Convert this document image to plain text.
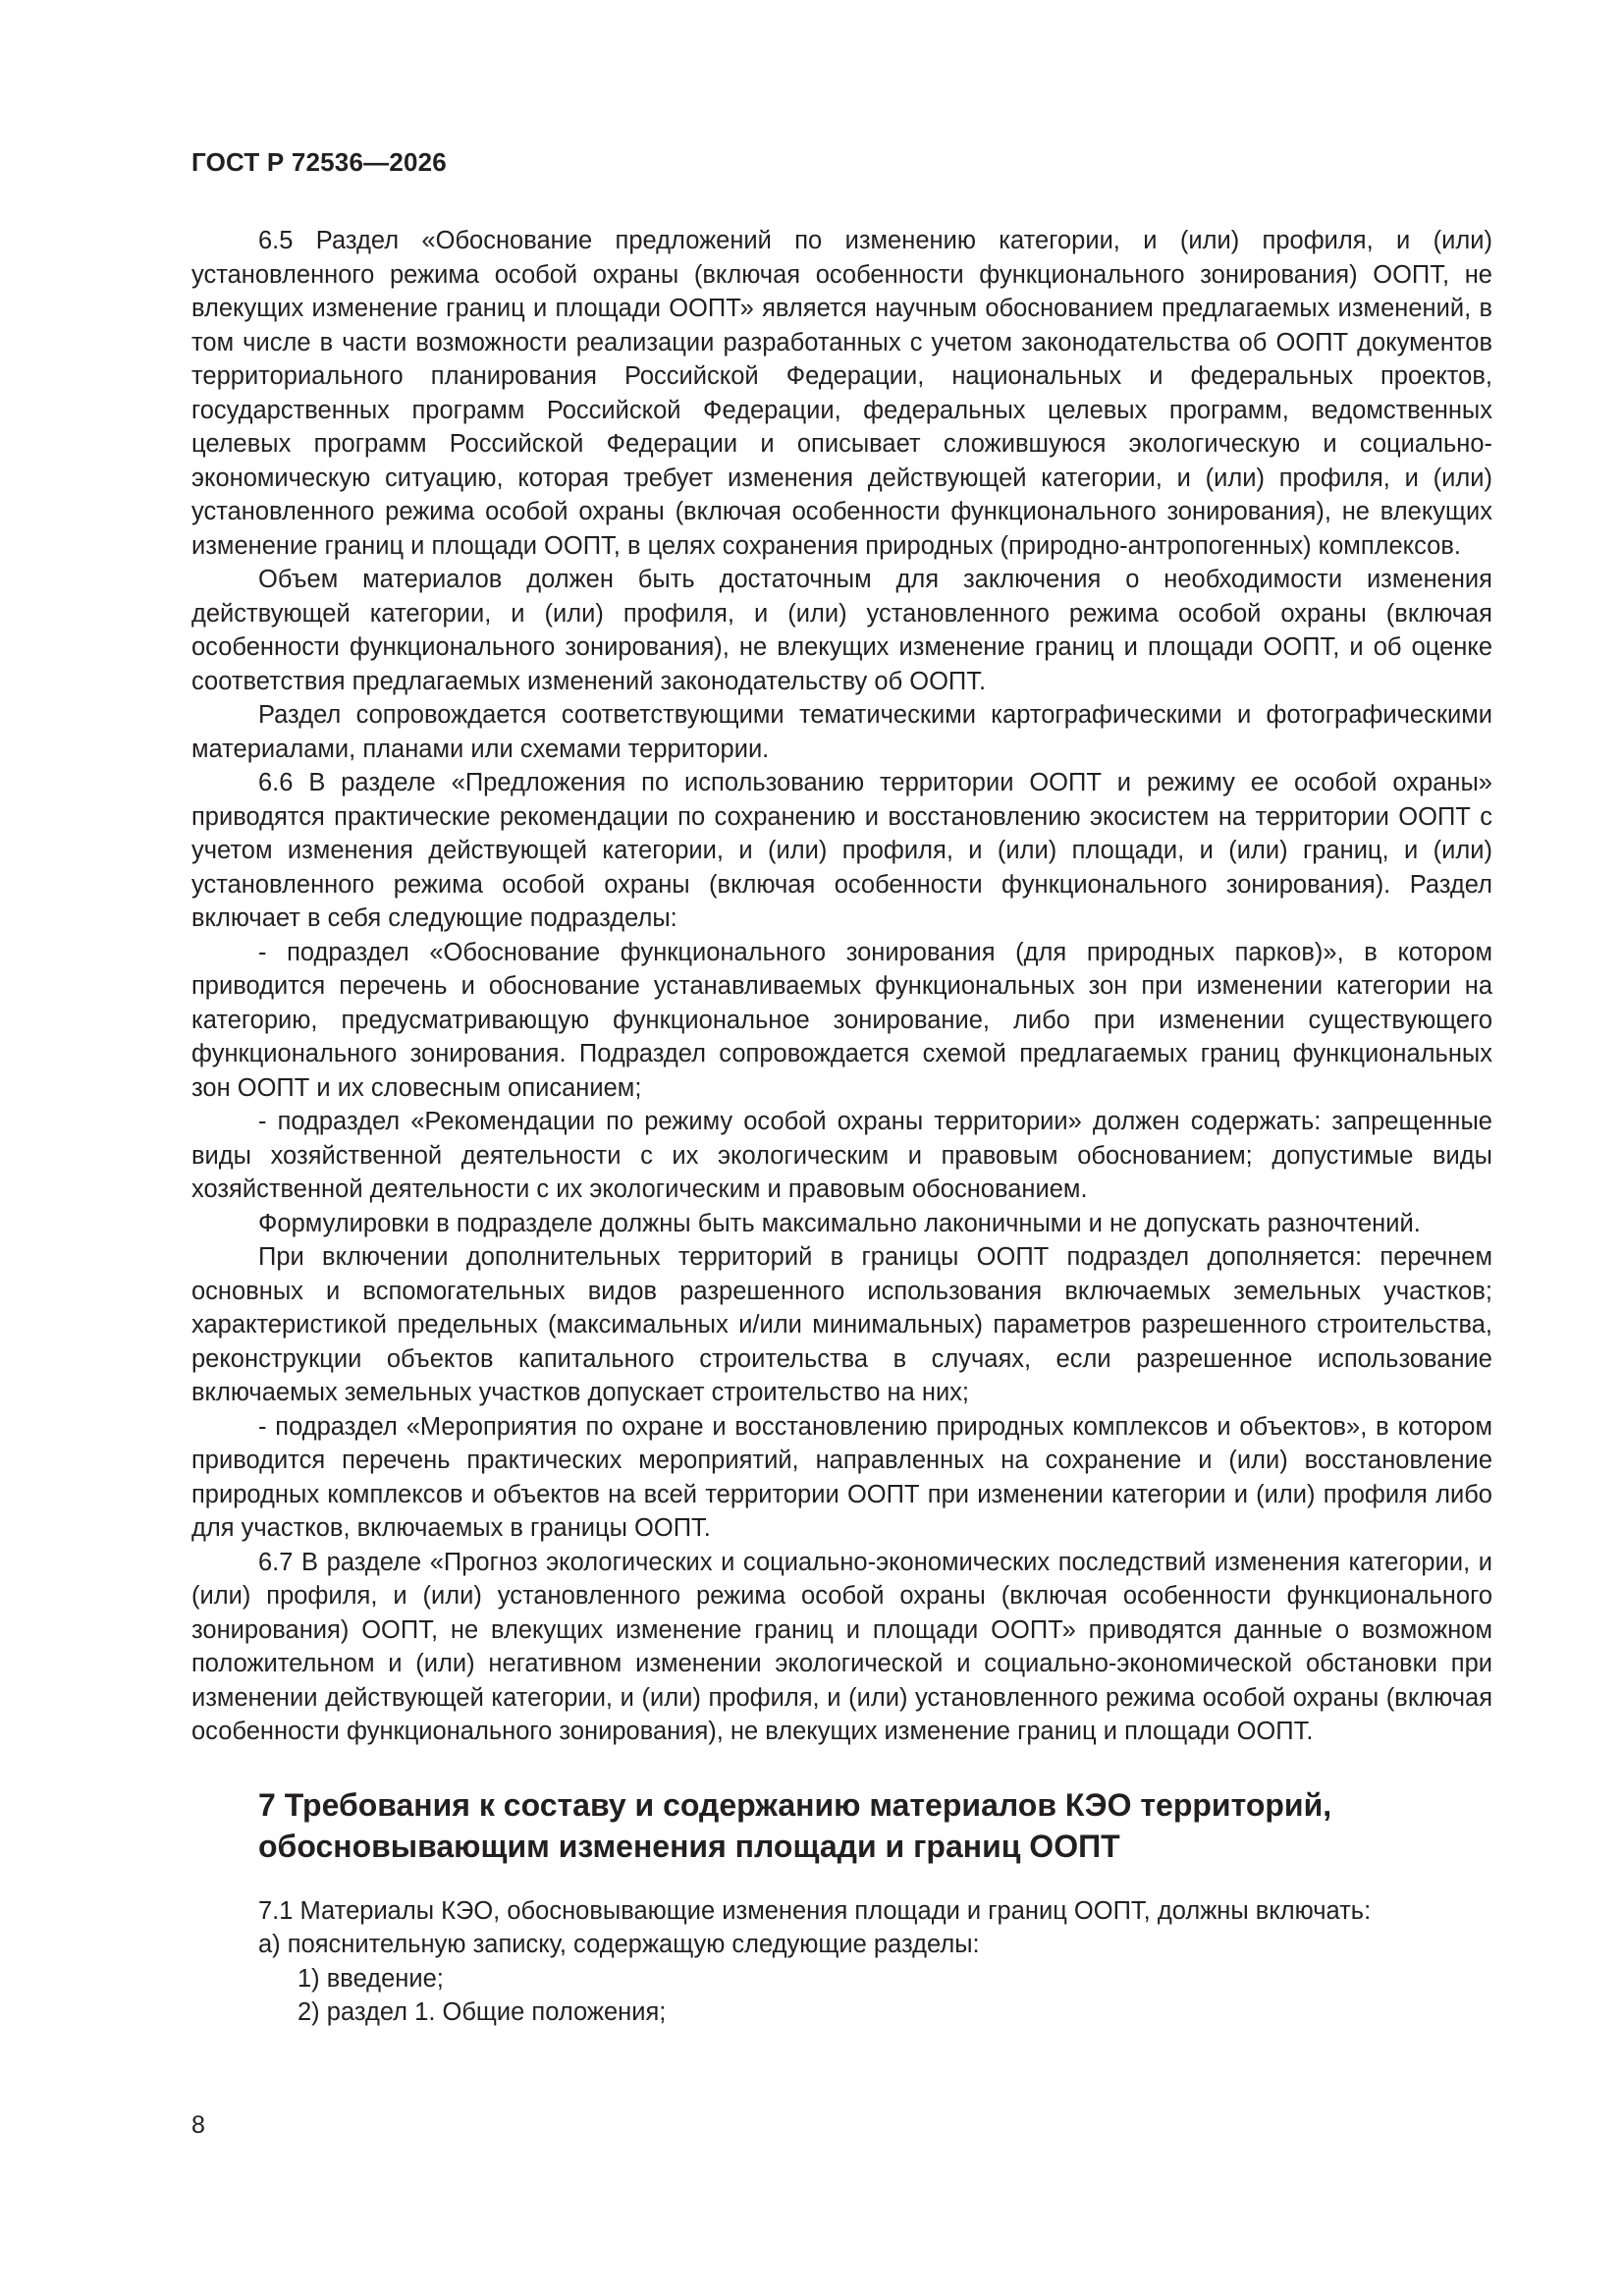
ГОСТ Р 72536—2026

6.5 Раздел «Обоснование предложений по изменению категории, и (или) профиля, и (или) установленного режима особой охраны (включая особенности функционального зонирования) ООПТ, не влекущих изменение границ и площади ООПТ» является научным обоснованием предлагаемых изменений, в том числе в части возможности реализации разработанных с учетом законодательства об ООПТ документов территориального планирования Российской Федерации, национальных и федеральных проектов, государственных программ Российской Федерации, федеральных целевых программ, ведомственных целевых программ Российской Федерации и описывает сложившуюся экологическую и социально-экономическую ситуацию, которая требует изменения действующей категории, и (или) профиля, и (или) установленного режима особой охраны (включая особенности функционального зонирования), не влекущих изменение границ и площади ООПТ, в целях сохранения природных (природно-антропогенных) комплексов.

Объем материалов должен быть достаточным для заключения о необходимости изменения действующей категории, и (или) профиля, и (или) установленного режима особой охраны (включая особенности функционального зонирования), не влекущих изменение границ и площади ООПТ, и об оценке соответствия предлагаемых изменений законодательству об ООПТ.

Раздел сопровождается соответствующими тематическими картографическими и фотографическими материалами, планами или схемами территории.

6.6 В разделе «Предложения по использованию территории ООПТ и режиму ее особой охраны» приводятся практические рекомендации по сохранению и восстановлению экосистем на территории ООПТ с учетом изменения действующей категории, и (или) профиля, и (или) площади, и (или) границ, и (или) установленного режима особой охраны (включая особенности функционального зонирования). Раздел включает в себя следующие подразделы:

- подраздел «Обоснование функционального зонирования (для природных парков)», в котором приводится перечень и обоснование устанавливаемых функциональных зон при изменении категории на категорию, предусматривающую функциональное зонирование, либо при изменении существующего функционального зонирования. Подраздел сопровождается схемой предлагаемых границ функциональных зон ООПТ и их словесным описанием;

- подраздел «Рекомендации по режиму особой охраны территории» должен содержать: запрещенные виды хозяйственной деятельности с их экологическим и правовым обоснованием; допустимые виды хозяйственной деятельности с их экологическим и правовым обоснованием.

Формулировки в подразделе должны быть максимально лаконичными и не допускать разночтений.

При включении дополнительных территорий в границы ООПТ подраздел дополняется: перечнем основных и вспомогательных видов разрешенного использования включаемых земельных участков; характеристикой предельных (максимальных и/или минимальных) параметров разрешенного строительства, реконструкции объектов капитального строительства в случаях, если разрешенное использование включаемых земельных участков допускает строительство на них;

- подраздел «Мероприятия по охране и восстановлению природных комплексов и объектов», в котором приводится перечень практических мероприятий, направленных на сохранение и (или) восстановление природных комплексов и объектов на всей территории ООПТ при изменении категории и (или) профиля либо для участков, включаемых в границы ООПТ.

6.7 В разделе «Прогноз экологических и социально-экономических последствий изменения категории, и (или) профиля, и (или) установленного режима особой охраны (включая особенности функционального зонирования) ООПТ, не влекущих изменение границ и площади ООПТ» приводятся данные о возможном положительном и (или) негативном изменении экологической и социально-экономической обстановки при изменении действующей категории, и (или) профиля, и (или) установленного режима особой охраны (включая особенности функционального зонирования), не влекущих изменение границ и площади ООПТ.

7 Требования к составу и содержанию материалов КЭО территорий, обосновывающим изменения площади и границ ООПТ

7.1 Материалы КЭО, обосновывающие изменения площади и границ ООПТ, должны включать:

а) пояснительную записку, содержащую следующие разделы:

1) введение;

2) раздел 1. Общие положения;

8
